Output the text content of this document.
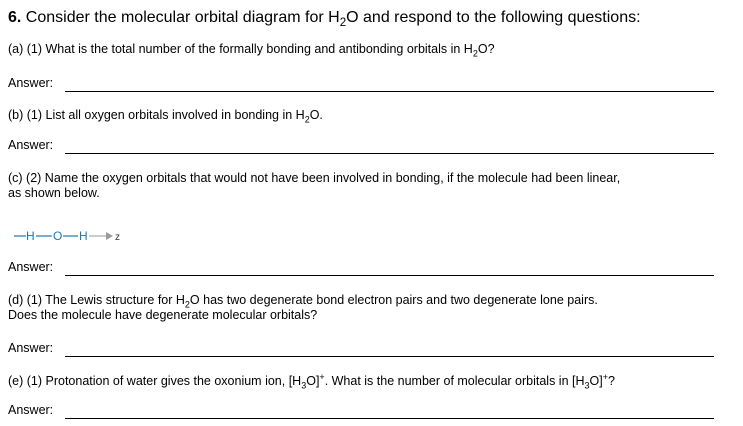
6. Consider the molecular orbital diagram for $H_2O$ and respond to the following questions:
(a) (1) What is the total number of the formally bonding and antibonding orbitals in $H_2O$?
Answer:
(b) (1) List all oxygen orbitals involved in bonding in $H_2O$.
Answer:
(c) (2) Name the oxygen orbitals that would not have been involved in bonding, if the molecule had been linear,
as shown below.
H O H	z
Answer:
(d) (1) The Lewis structure for $H_2O$ has two degenerate bond electron pairs and two degenerate lone pairs.
Does the molecule have degenerate molecular orbitals?
Answer:
(e) (1) Protonation of water gives the oxonium ion, $[H_3O]^+$. What is the number of molecular orbitals in $[H_3O]^+$?
Answer:
